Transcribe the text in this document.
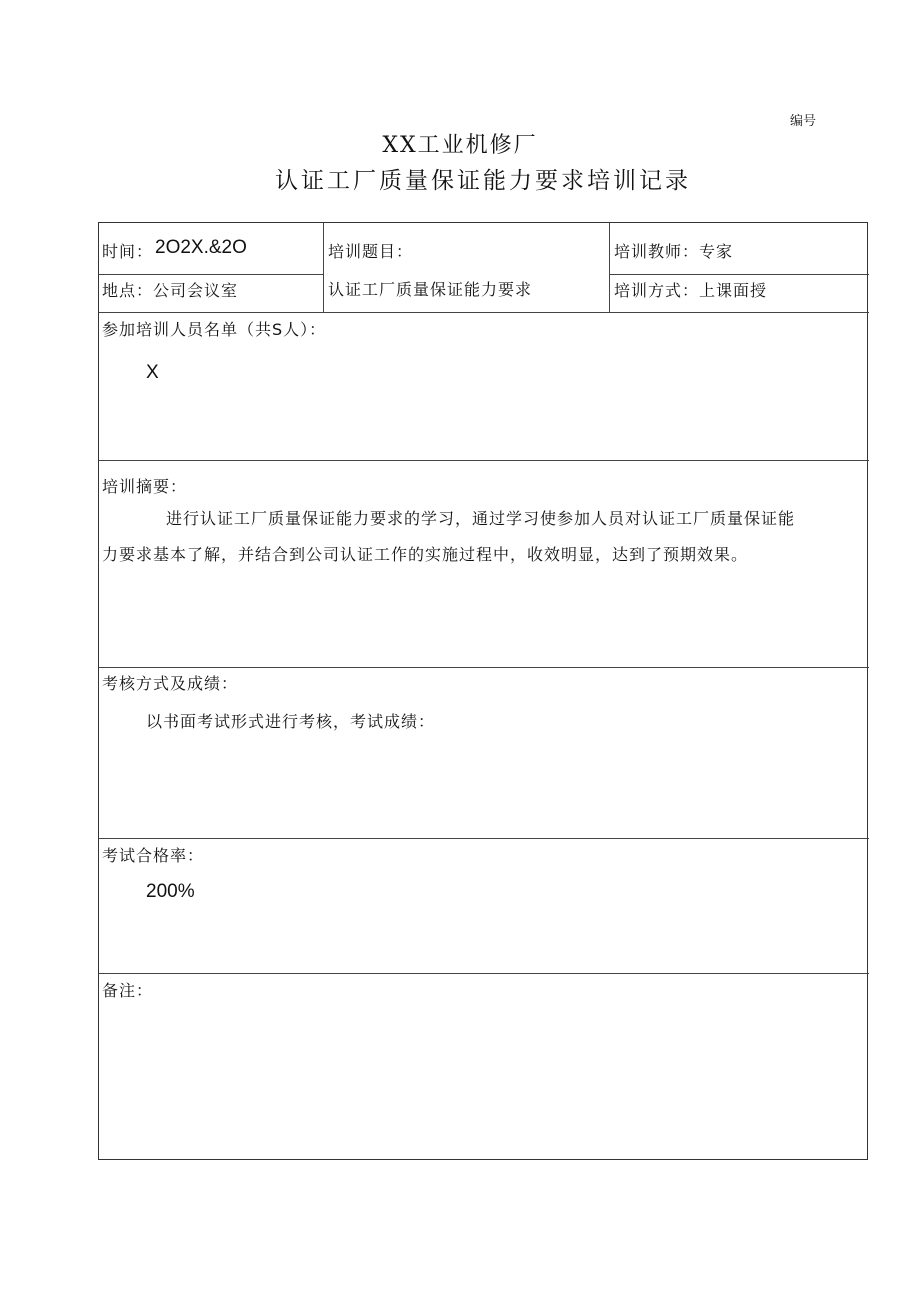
编号
XX工业机修厂
认证工厂质量保证能力要求培训记录
时间： 2O2X.&2O	培训题目：	培训教师：专家
地点：公司会议室	认证工厂质量保证能力要求	培训方式：上课面授
参加培训人员名单（共S人）：
X
培训摘要：
进行认证工厂质量保证能力要求的学习，通过学习使参加人员对认证工厂质量保证能
力要求基本了解，并结合到公司认证工作的实施过程中，收效明显，达到了预期效果。
考核方式及成绩：
以书面考试形式进行考核，考试成绩：
考试合格率：
200%
备注：
